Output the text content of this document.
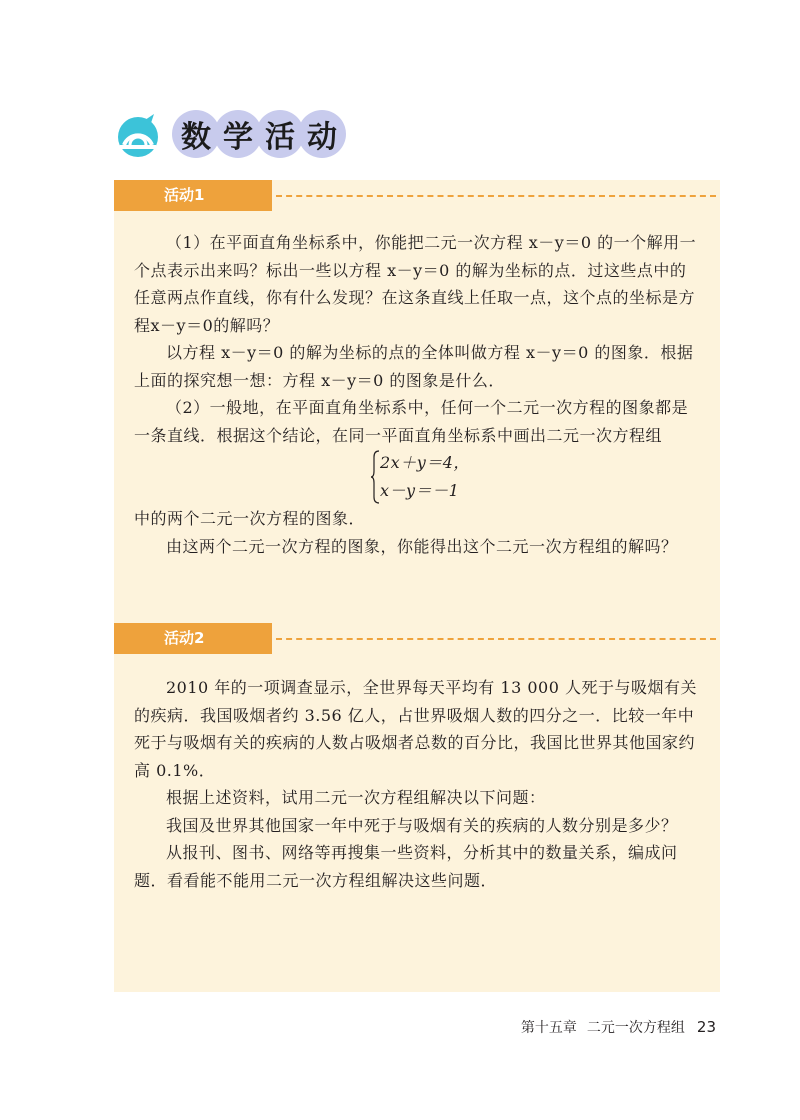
数 学 活 动
活动1

（1）在平面直角坐标系中，你能把二元一次方程 x－y＝0 的一个解用一个点表示出来吗？标出一些以方程 x－y＝0 的解为坐标的点．过这些点中的任意两点作直线，你有什么发现？在这条直线上任取一点，这个点的坐标是方程x－y＝0的解吗？

以方程 x－y＝0 的解为坐标的点的全体叫做方程 x－y＝0 的图象．根据上面的探究想一想：方程 x－y＝0 的图象是什么．

（2）一般地，在平面直角坐标系中，任何一个二元一次方程的图象都是一条直线．根据这个结论，在同一平面直角坐标系中画出二元一次方程组

2x＋y＝4，
x－y＝－1

中的两个二元一次方程的图象．

由这两个二元一次方程的图象，你能得出这个二元一次方程组的解吗？

活动2

2010 年的一项调查显示，全世界每天平均有 13 000 人死于与吸烟有关的疾病．我国吸烟者约 3.56 亿人，占世界吸烟人数的四分之一．比较一年中死于与吸烟有关的疾病的人数占吸烟者总数的百分比，我国比世界其他国家约高 0.1%．

根据上述资料，试用二元一次方程组解决以下问题：

我国及世界其他国家一年中死于与吸烟有关的疾病的人数分别是多少？

从报刊、图书、网络等再搜集一些资料，分析其中的数量关系，编成问题．看看能不能用二元一次方程组解决这些问题．

第十五章 二元一次方程组 23
